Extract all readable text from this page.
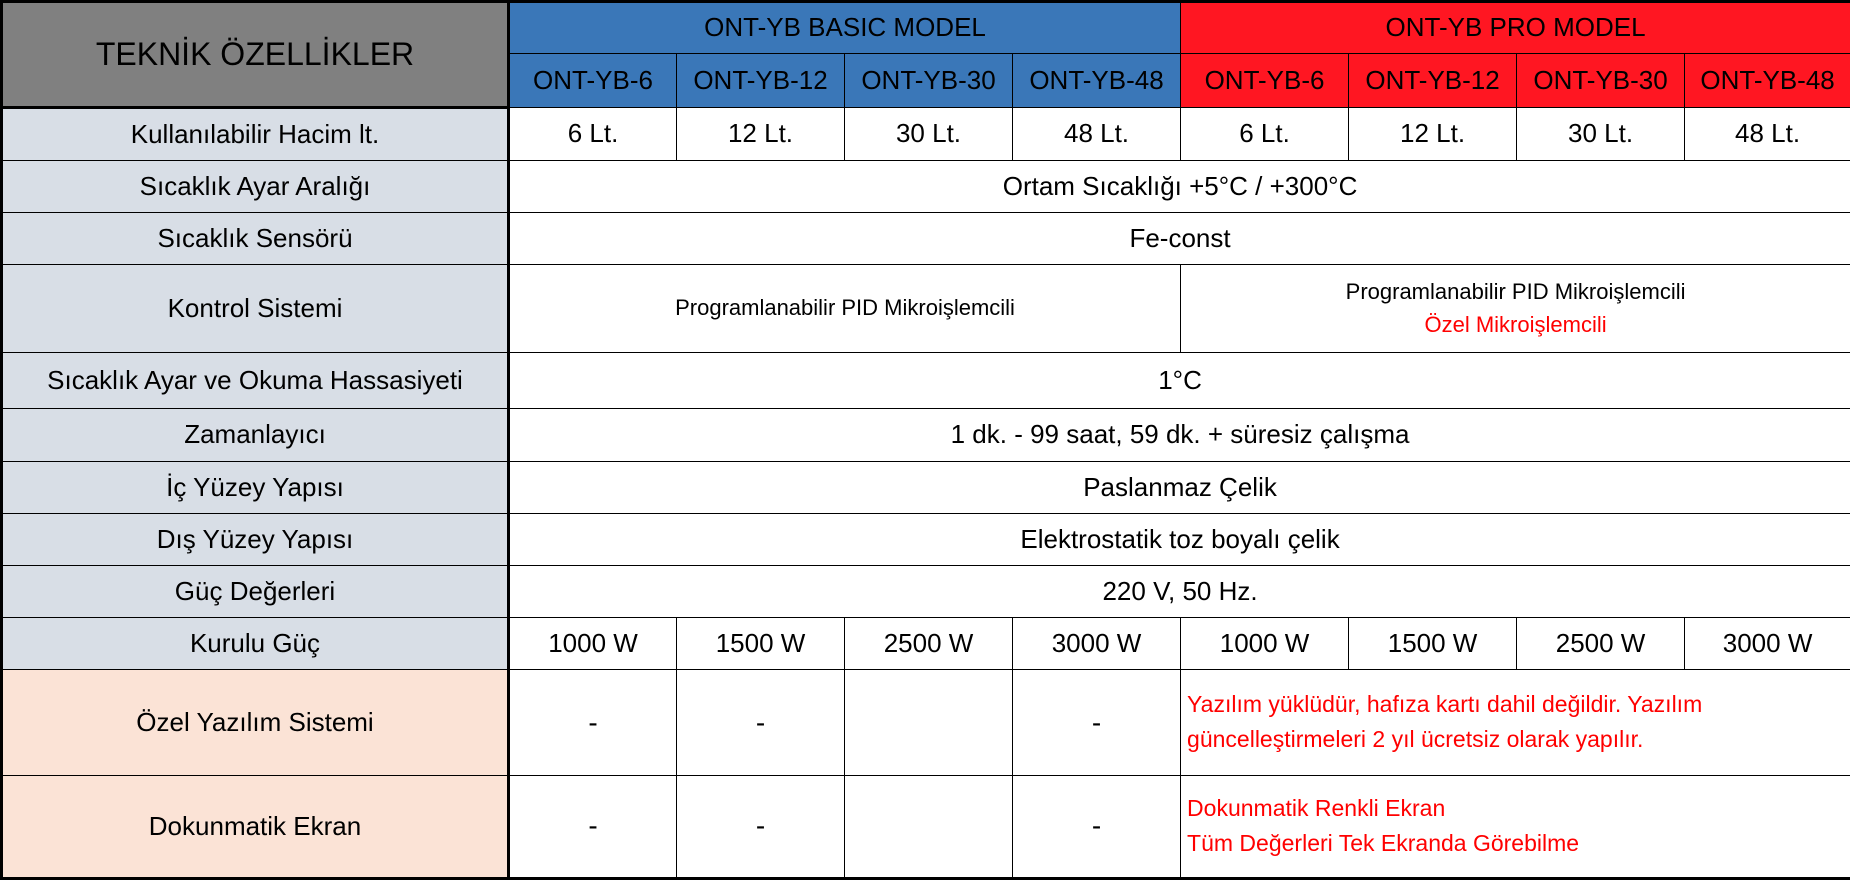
TEKNİK ÖZELLİKLER	ONT-YB BASIC MODEL				ONT-YB PRO MODEL			
	ONT-YB-6	ONT-YB-12	ONT-YB-30	ONT-YB-48	ONT-YB-6	ONT-YB-12	ONT-YB-30	ONT-YB-48
Kullanılabilir Hacim lt.	6 Lt.	12 Lt.	30 Lt.	48 Lt.	6 Lt.	12 Lt.	30 Lt.	48 Lt.
Sıcaklık Ayar Aralığı	Ortam Sıcaklığı +5°C / +300°C							
Sıcaklık Sensörü	Fe-const							
Kontrol Sistemi	Programlanabilir PID Mikroişlemcili				Programlanabilir PID Mikroişlemcili
Özel Mikroişlemcili			

Sıcaklık Ayar ve Okuma Hassasiyeti	1°C							
Zamanlayıcı	1 dk. - 99 saat, 59 dk. + süresiz çalışma							
İç Yüzey Yapısı	Paslanmaz Çelik							
Dış Yüzey Yapısı	Elektrostatik toz boyalı çelik							
Güç Değerleri	220 V, 50 Hz.							
Kurulu Güç	1000 W	1500 W	2500 W	3000 W	1000 W	1500 W	2500 W	3000 W
Özel Yazılım Sistemi	-	-		-	Yazılım yüklüdür, hafıza kartı dahil değildir. Yazılım
güncelleştirmeleri 2 yıl ücretsiz olarak yapılır.			

Dokunmatik Ekran	-	-		-	Dokunmatik Renkli Ekran
Tüm Değerleri Tek Ekranda Görebilme			
